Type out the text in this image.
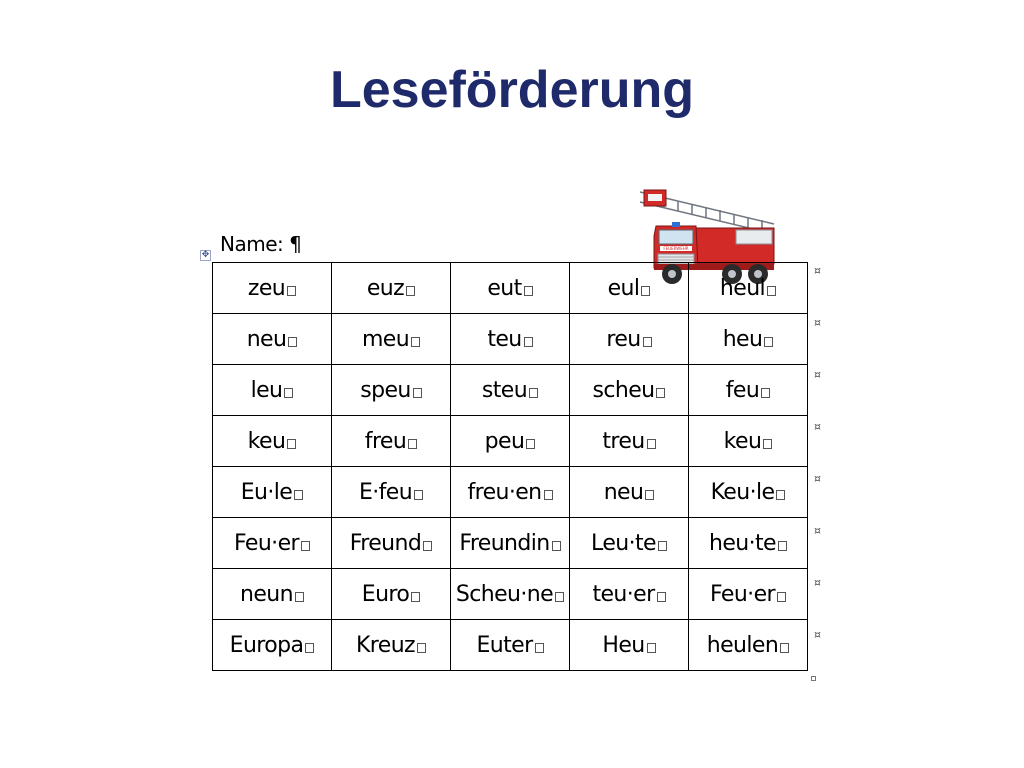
Leseförderung
✥ Name: ¶	FEUERWEHR
zeu	euz	eut	eul	heul
neu	meu	teu	reu	heu
leu	speu	steu	scheu	feu
keu	freu	peu	treu	keu
Eu·le	E·feu	freu·en	neu	Keu·le
Feu·er	Freund	Freundin	Leu·te	heu·te
neun	Euro	Scheu·ne	teu·er	Feu·er
Europa	Kreuz	Euter	Heu	heulen
¤
¤
¤
¤
¤
¤
¤
¤
